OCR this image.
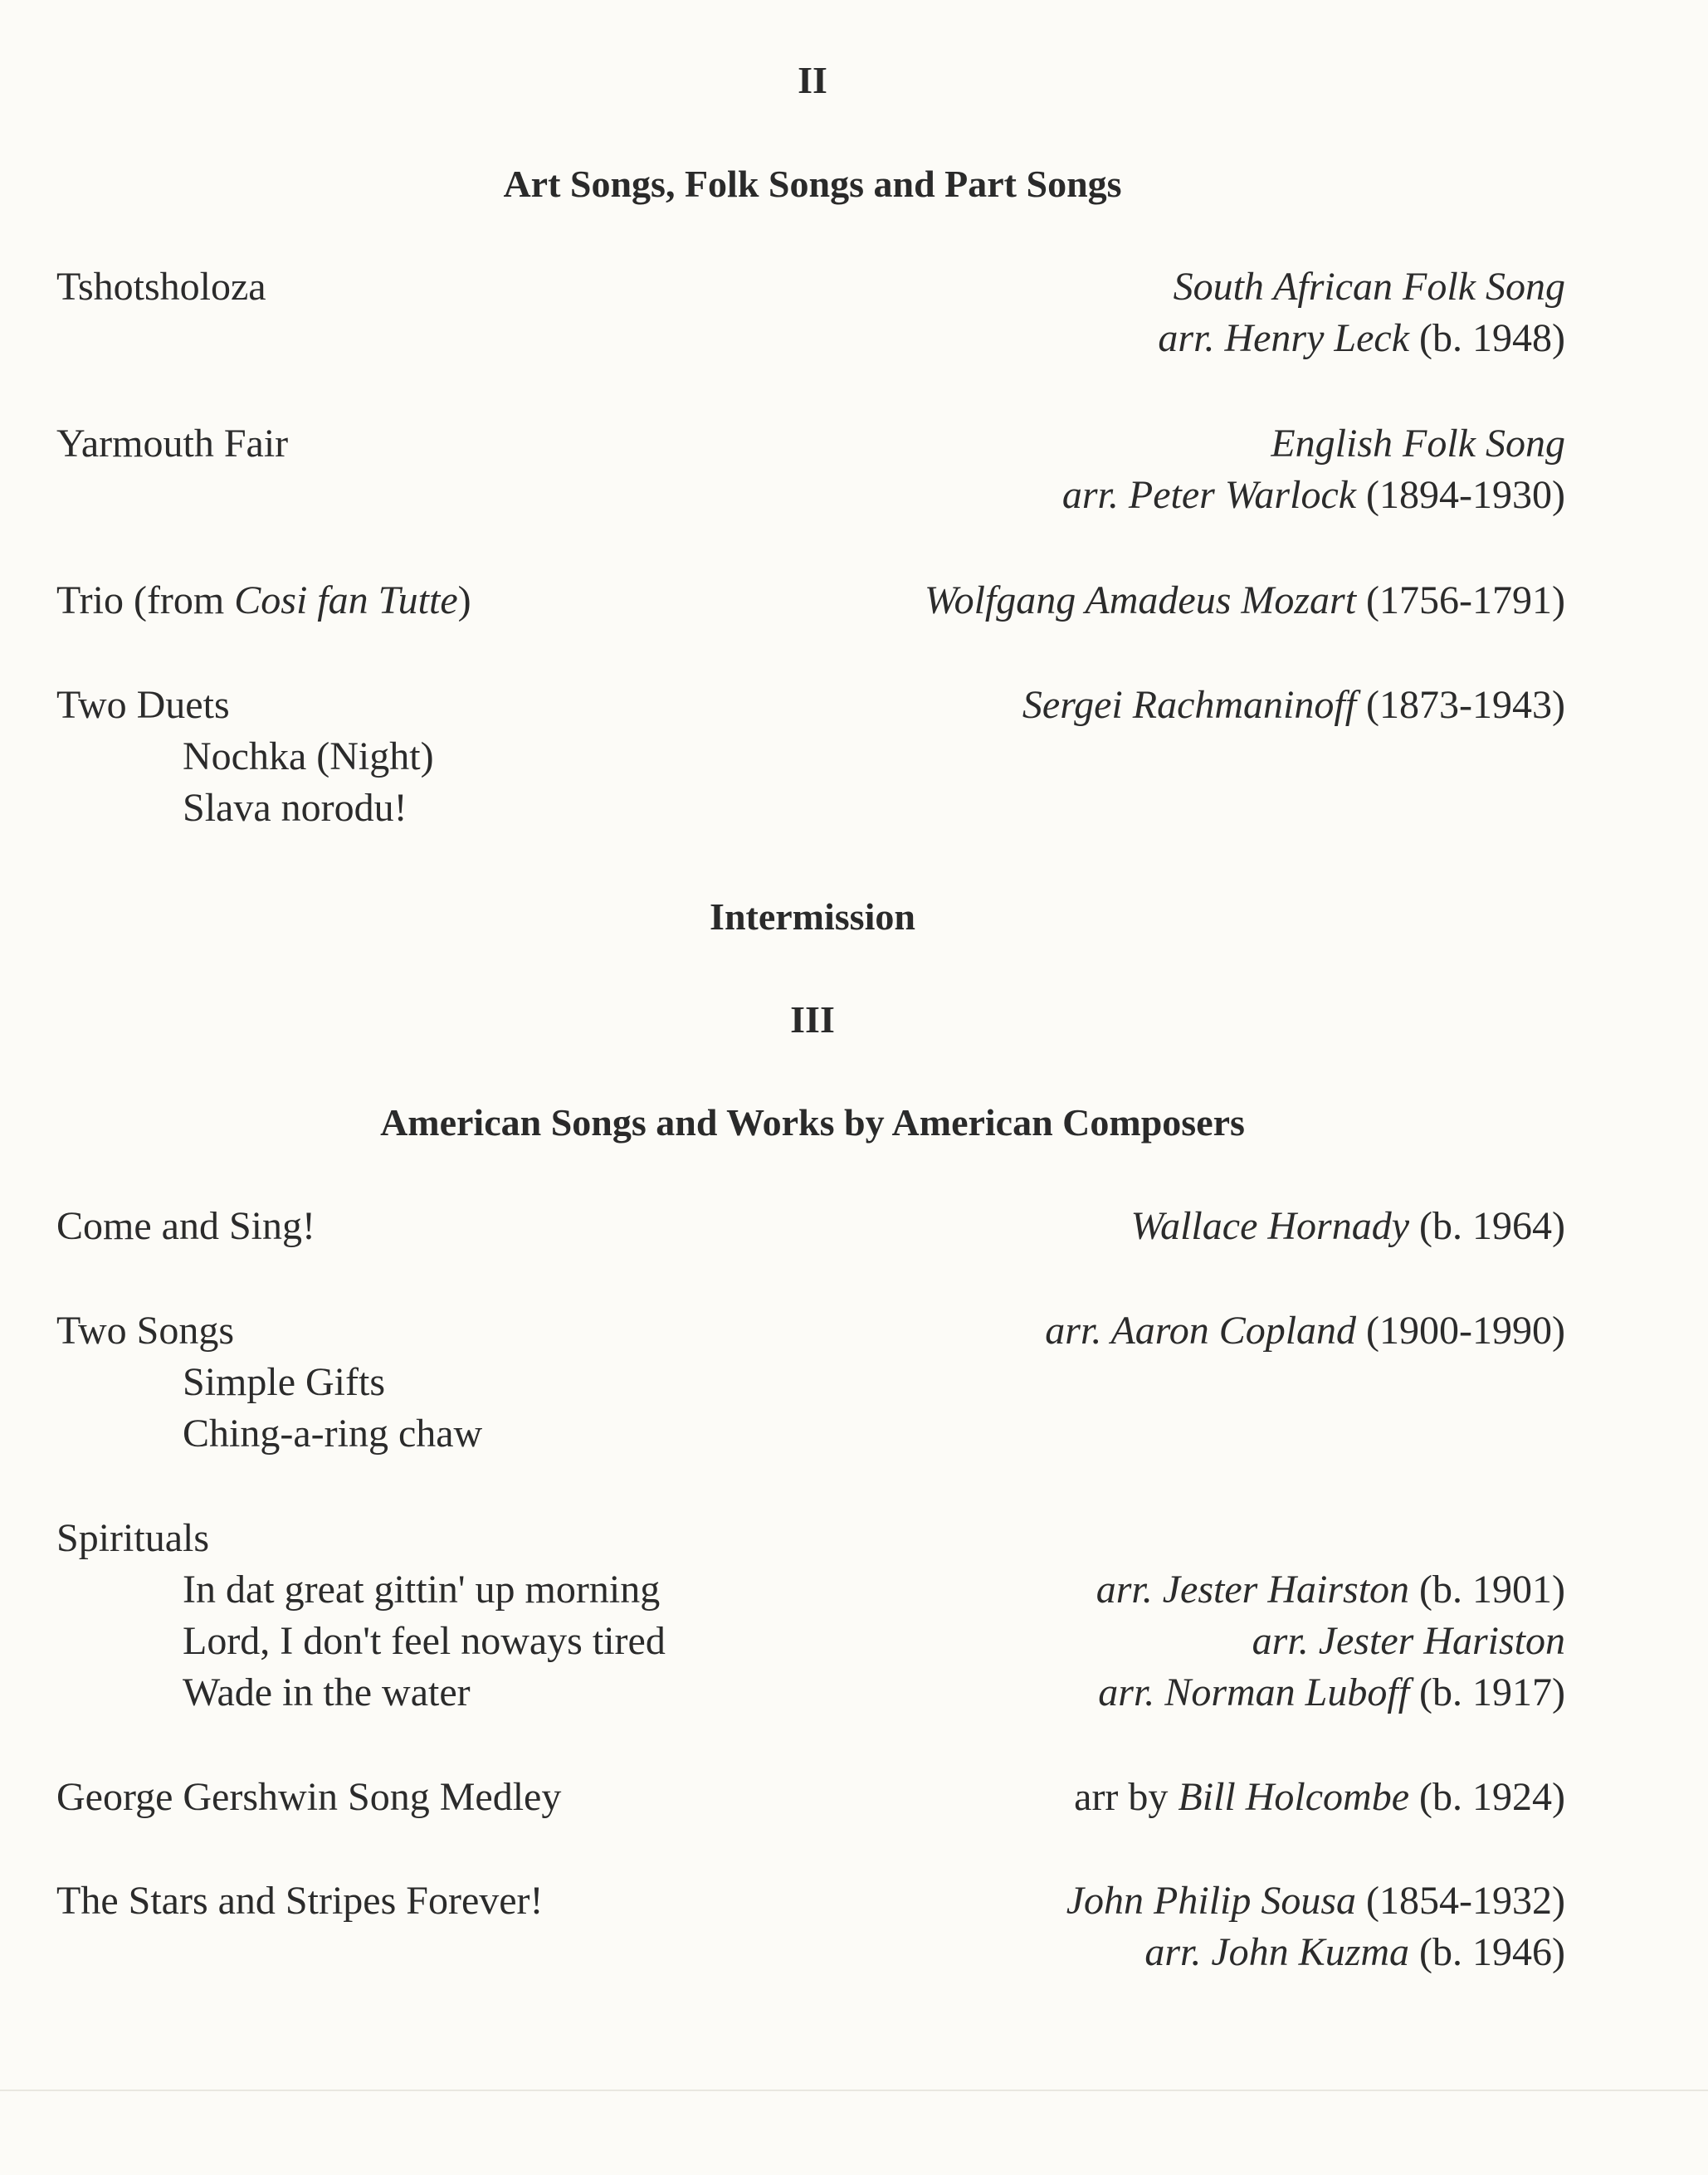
II
Art Songs, Folk Songs and Part Songs
Tshotsholoza	South African Folk Song
arr. Henry Leck (b. 1948)
Yarmouth Fair	English Folk Song
arr. Peter Warlock (1894-1930)
Trio (from Cosi fan Tutte)	Wolfgang Amadeus Mozart (1756-1791)
Two Duets	Sergei Rachmaninoff (1873-1943)
Nochka (Night)
Slava norodu!
Intermission
III
American Songs and Works by American Composers
Come and Sing!	Wallace Hornady (b. 1964)
Two Songs	arr. Aaron Copland (1900-1990)
Simple Gifts
Ching-a-ring chaw
Spirituals
In dat great gittin' up morning	arr. Jester Hairston (b. 1901)
Lord, I don't feel noways tired	arr. Jester Hariston
Wade in the water	arr. Norman Luboff (b. 1917)
George Gershwin Song Medley	arr by Bill Holcombe (b. 1924)
The Stars and Stripes Forever!	John Philip Sousa (1854-1932)
arr. John Kuzma (b. 1946)
